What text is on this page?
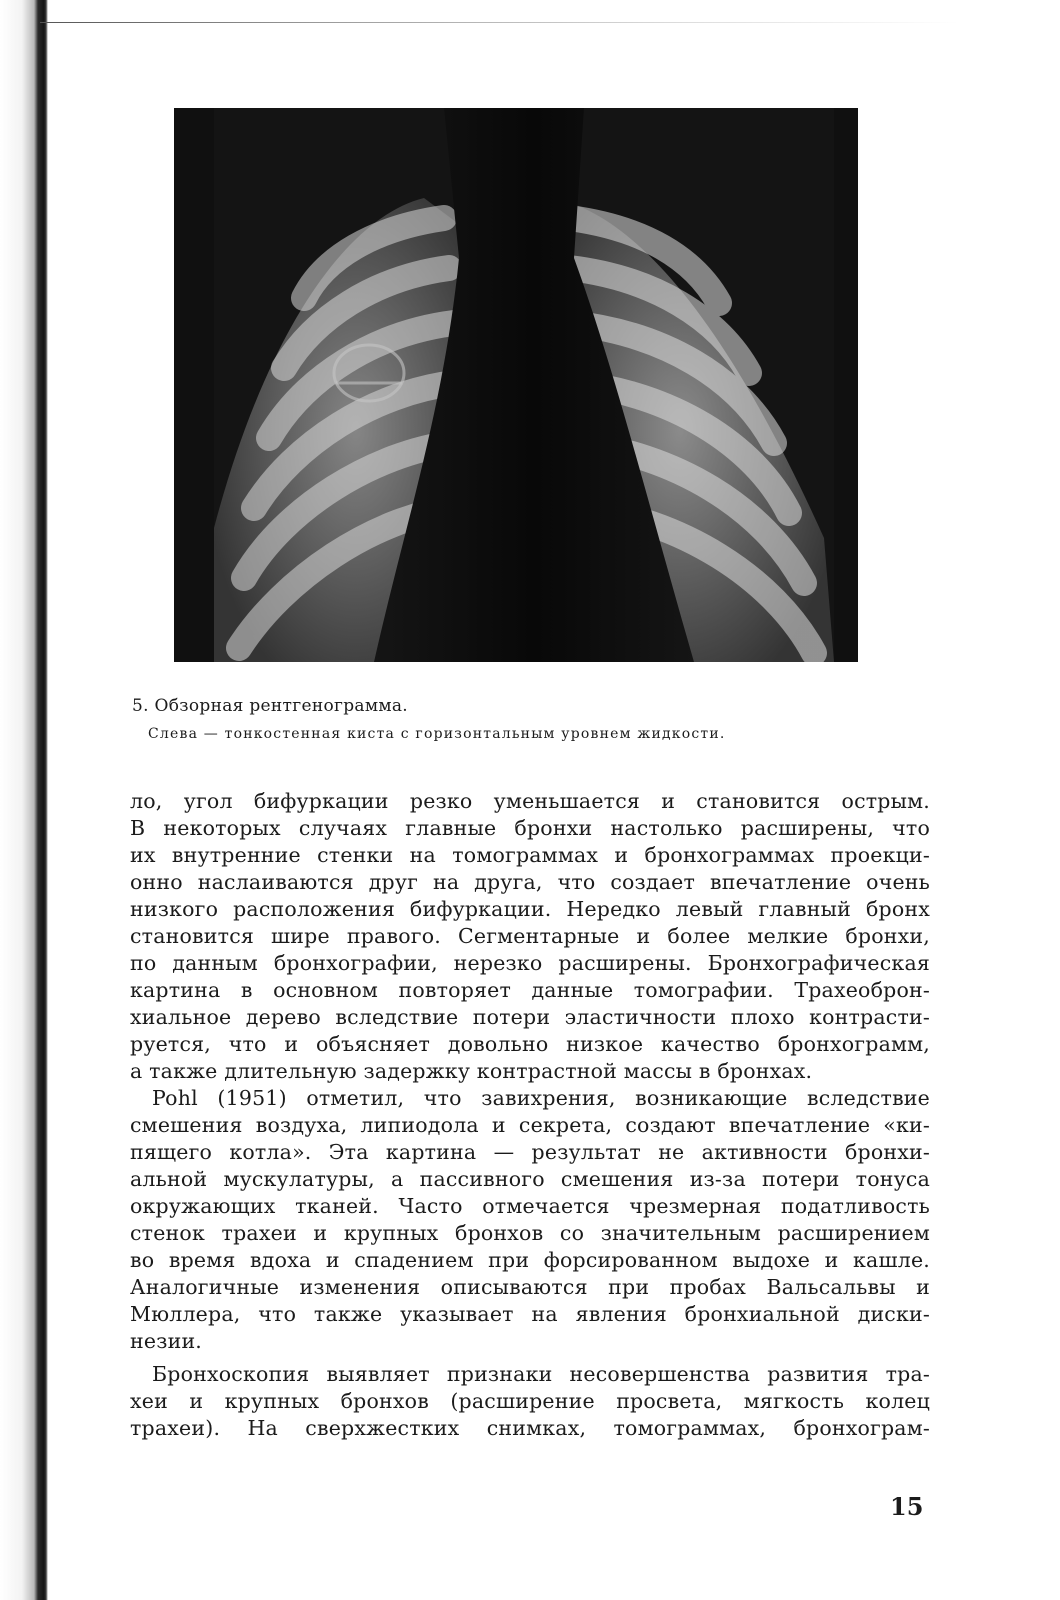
5. Обзорная рентгенограмма.

Слева — тонкостенная киста с горизонтальным уровнем жидкости.

ло, угол бифуркации резко уменьшается и становится острым.
В некоторых случаях главные бронхи настолько расширены, что
их внутренние стенки на томограммах и бронхограммах проекци-
онно наслаиваются друг на друга, что создает впечатление очень
низкого расположения бифуркации. Нередко левый главный бронх
становится шире правого. Сегментарные и более мелкие бронхи,
по данным бронхографии, нерезко расширены. Бронхографическая
картина в основном повторяет данные томографии. Трахеоброн-
хиальное дерево вследствие потери эластичности плохо контрасти-
руется, что и объясняет довольно низкое качество бронхограмм,
а также длительную задержку контрастной массы в бронхах.
Pohl (1951) отметил, что завихрения, возникающие вследствие
смешения воздуха, липиодола и секрета, создают впечатление «ки-
пящего котла». Эта картина — результат не активности бронхи-
альной мускулатуры, а пассивного смешения из-за потери тонуса
окружающих тканей. Часто отмечается чрезмерная податливость
стенок трахеи и крупных бронхов со значительным расширением
во время вдоха и спадением при форсированном выдохе и кашле.
Аналогичные изменения описываются при пробах Вальсальвы и
Мюллера, что также указывает на явления бронхиальной диски-
незии.
Бронхоскопия выявляет признаки несовершенства развития тра-
хеи и крупных бронхов (расширение просвета, мягкость колец
трахеи). На сверхжестких снимках, томограммах, бронхограм-
15
